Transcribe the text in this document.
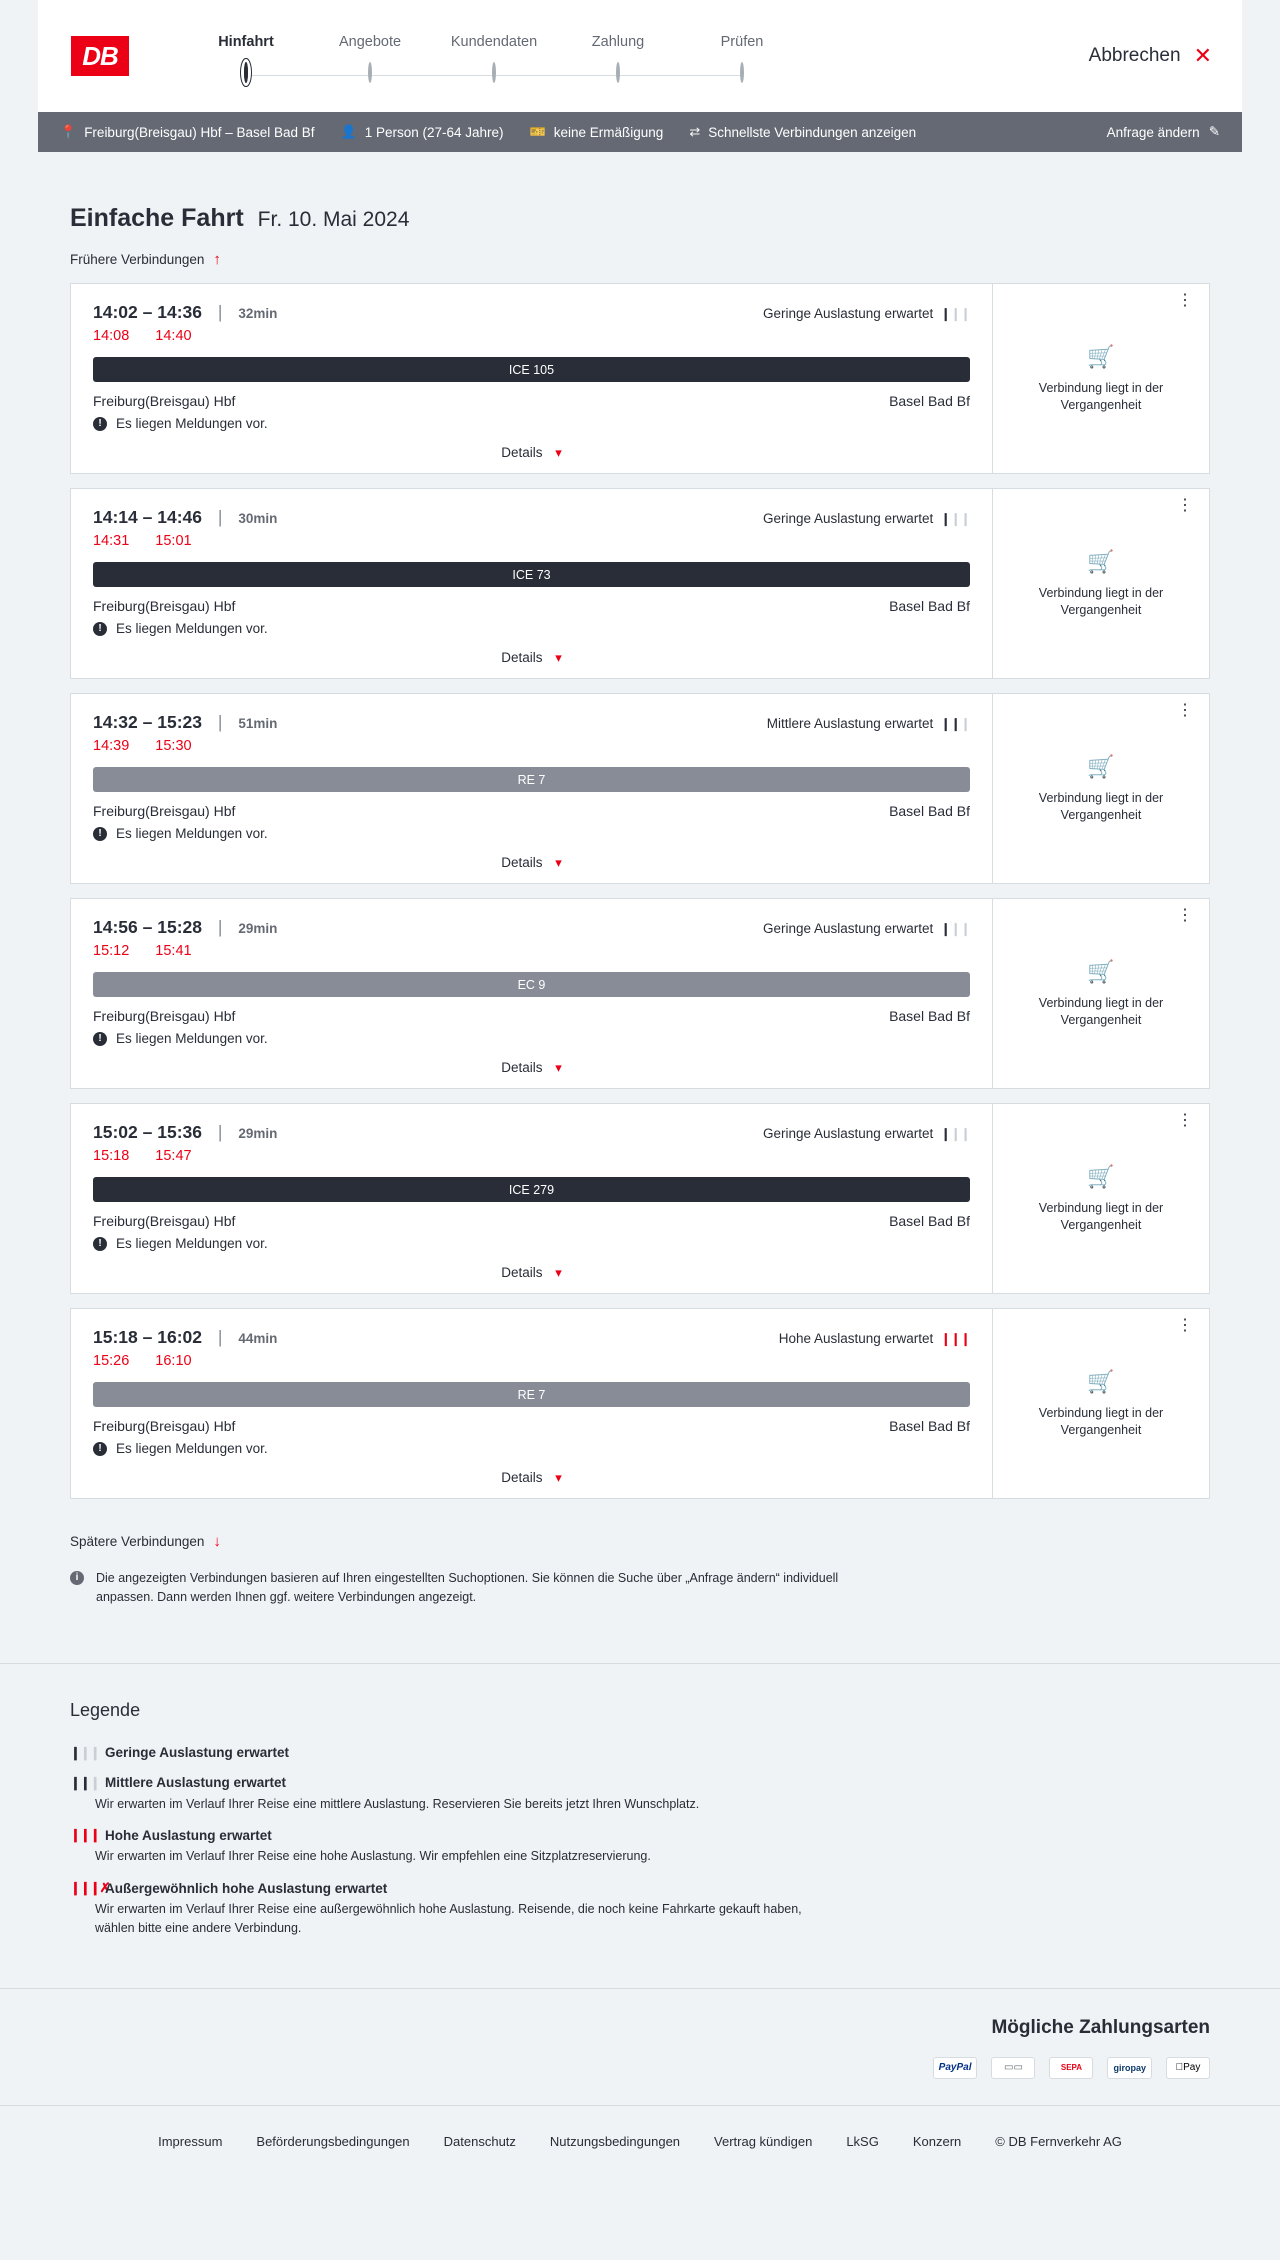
DB	Hinfahrt	Angebote	Kundendaten	Zahlung	Prüfen
Abbrechen ✕
📍 Freiburg(Breisgau) Hbf – Basel Bad Bf 👤 1 Person (27-64 Jahre) 🎫 keine Ermäßigung ⇄ Schnellste Verbindungen anzeigen	Anfrage ändern ✎
Einfache Fahrt Fr. 10. Mai 2024
Frühere Verbindungen ↑
14:02 – 14:36 | 32min	Geringe Auslastung erwartet ❙❙❙
14:08 14:40
ICE 105
Freiburg(Breisgau) Hbf	Basel Bad Bf
!	Es liegen Meldungen vor.
Details ▾
⋮
🛒
Verbindung liegt in der
Vergangenheit
14:14 – 14:46 | 30min	Geringe Auslastung erwartet ❙❙❙
14:31 15:01
ICE 73
Freiburg(Breisgau) Hbf	Basel Bad Bf
!	Es liegen Meldungen vor.
Details ▾
⋮
🛒
Verbindung liegt in der
Vergangenheit
14:32 – 15:23 | 51min	Mittlere Auslastung erwartet ❙❙❙
14:39 15:30
RE 7
Freiburg(Breisgau) Hbf	Basel Bad Bf
!	Es liegen Meldungen vor.
Details ▾
⋮
🛒
Verbindung liegt in der
Vergangenheit
14:56 – 15:28 | 29min	Geringe Auslastung erwartet ❙❙❙
15:12 15:41
EC 9
Freiburg(Breisgau) Hbf	Basel Bad Bf
!	Es liegen Meldungen vor.
Details ▾
⋮
🛒
Verbindung liegt in der
Vergangenheit
15:02 – 15:36 | 29min	Geringe Auslastung erwartet ❙❙❙
15:18 15:47
ICE 279
Freiburg(Breisgau) Hbf	Basel Bad Bf
!	Es liegen Meldungen vor.
Details ▾
⋮
🛒
Verbindung liegt in der
Vergangenheit
15:18 – 16:02 | 44min	Hohe Auslastung erwartet ❙❙❙
15:26 16:10
RE 7
Freiburg(Breisgau) Hbf	Basel Bad Bf
!	Es liegen Meldungen vor.
Details ▾
⋮
🛒
Verbindung liegt in der
Vergangenheit
Spätere Verbindungen ↓
i	Die angezeigten Verbindungen basieren auf Ihren eingestellten Suchoptionen. Sie können die Suche über „Anfrage ändern“ individuell anpassen. Dann werden Ihnen ggf. weitere Verbindungen angezeigt.
Legende
❙❙❙ Geringe Auslastung erwartet
❙❙❙ Mittlere Auslastung erwartet
Wir erwarten im Verlauf Ihrer Reise eine mittlere Auslastung. Reservieren Sie bereits jetzt Ihren Wunschplatz.
❙❙❙ Hohe Auslastung erwartet
Wir erwarten im Verlauf Ihrer Reise eine hohe Auslastung. Wir empfehlen eine Sitzplatzreservierung.
❙❙❙✗
Außergewöhnlich hohe Auslastung erwartet
Wir erwarten im Verlauf Ihrer Reise eine außergewöhnlich hohe Auslastung. Reisende, die noch keine Fahrkarte gekauft haben, wählen bitte eine andere Verbindung.
Mögliche Zahlungsarten
PayPal	▭▭	SEPA	giropay	Pay
Impressum	Beförderungsbedingungen	Datenschutz	Nutzungsbedingungen	Vertrag kündigen	LkSG	Konzern	© DB Fernverkehr AG
